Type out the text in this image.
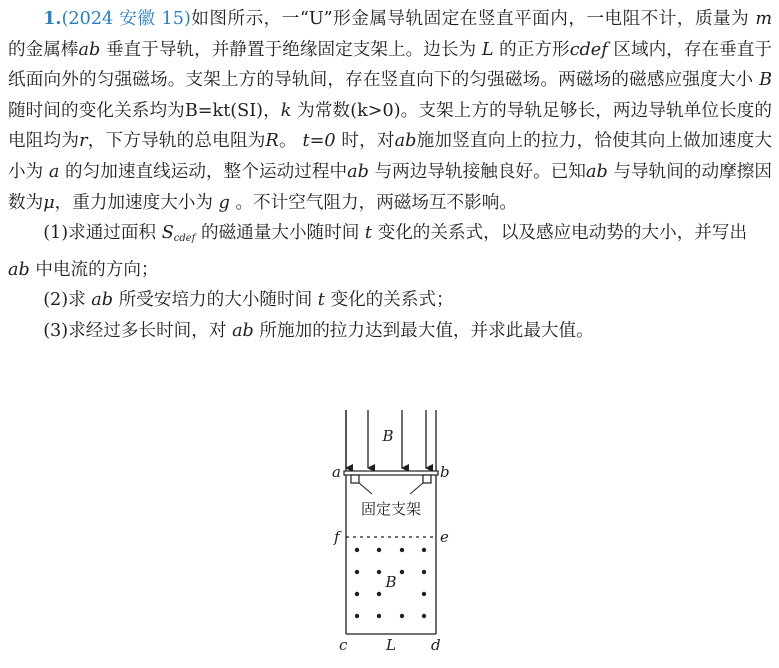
1.(2024 安徽 15)如图所示，一“U”形金属导轨固定在竖直平面内，一电阻不计，质量为 m 的金属棒ab 垂直于导轨，并静置于绝缘固定支架上。边长为 L 的正方形cdef 区域内，存在垂直于纸面向外的匀强磁场。支架上方的导轨间，存在竖直向下的匀强磁场。两磁场的磁感应强度大小 B 随时间的变化关系均为B=kt(SI)，k 为常数(k>0)。支架上方的导轨足够长，两边导轨单位长度的电阻均为r，下方导轨的总电阻为R。 t=0 时，对ab施加竖直向上的拉力，恰使其向上做加速度大小为 a 的匀加速直线运动，整个运动过程中ab 与两边导轨接触良好。已知ab 与导轨间的动摩擦因数为μ，重力加速度大小为 g 。不计空气阻力，两磁场互不影响。

(1)求通过面积 $S_{cdef}$ 的磁通量大小随时间 t 变化的关系式，以及感应电动势的大小，并写出 ab 中电流的方向；

(2)求 ab 所受安培力的大小随时间 t 变化的关系式；

(3)求经过多长时间，对 ab 所施加的拉力达到最大值，并求此最大值。

B
a	b
固定支架
f	e
B
c	L d
